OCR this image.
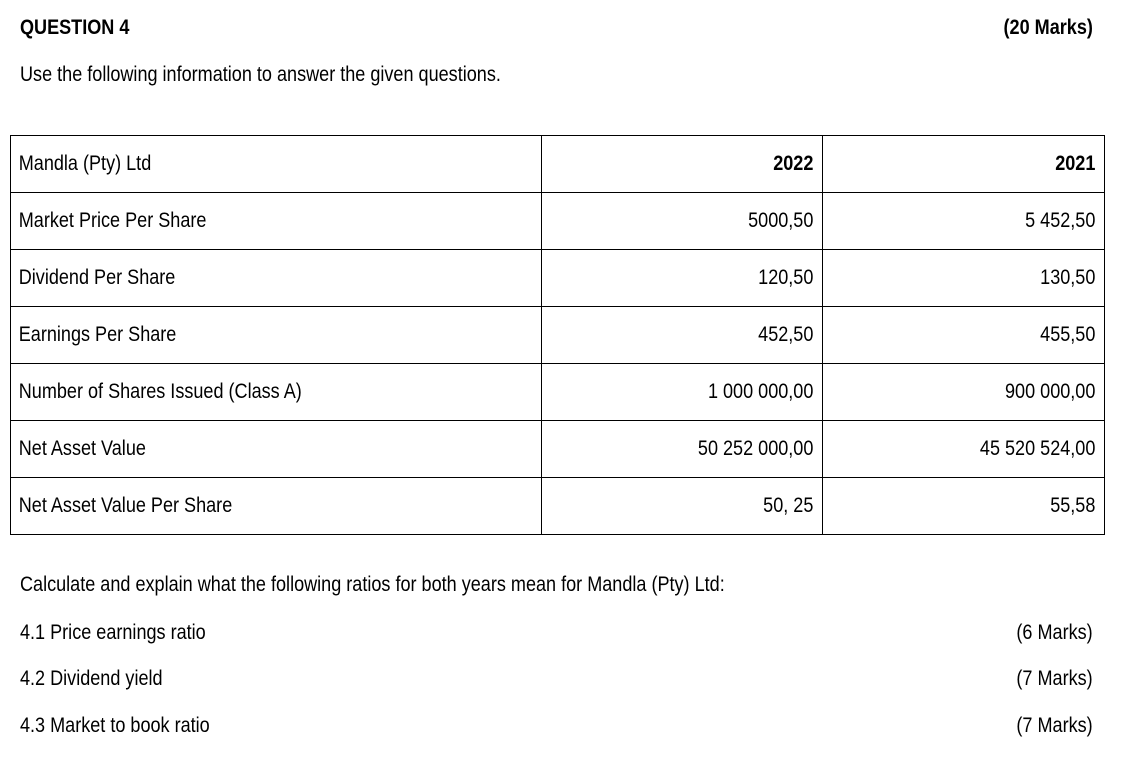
QUESTION 4	(20 Marks)
Use the following information to answer the given questions.
Mandla (Pty) Ltd	2022	2021

Market Price Per Share	5000,50	5 452,50

Dividend Per Share	120,50	130,50

Earnings Per Share	452,50	455,50

Number of Shares Issued (Class A)	1 000 000,00	900 000,00

Net Asset Value	50 252 000,00	45 520 524,00

Net Asset Value Per Share	50, 25	55,58
Calculate and explain what the following ratios for both years mean for Mandla (Pty) Ltd:
4.1 Price earnings ratio	(6 Marks)
4.2 Dividend yield	(7 Marks)
4.3 Market to book ratio	(7 Marks)
